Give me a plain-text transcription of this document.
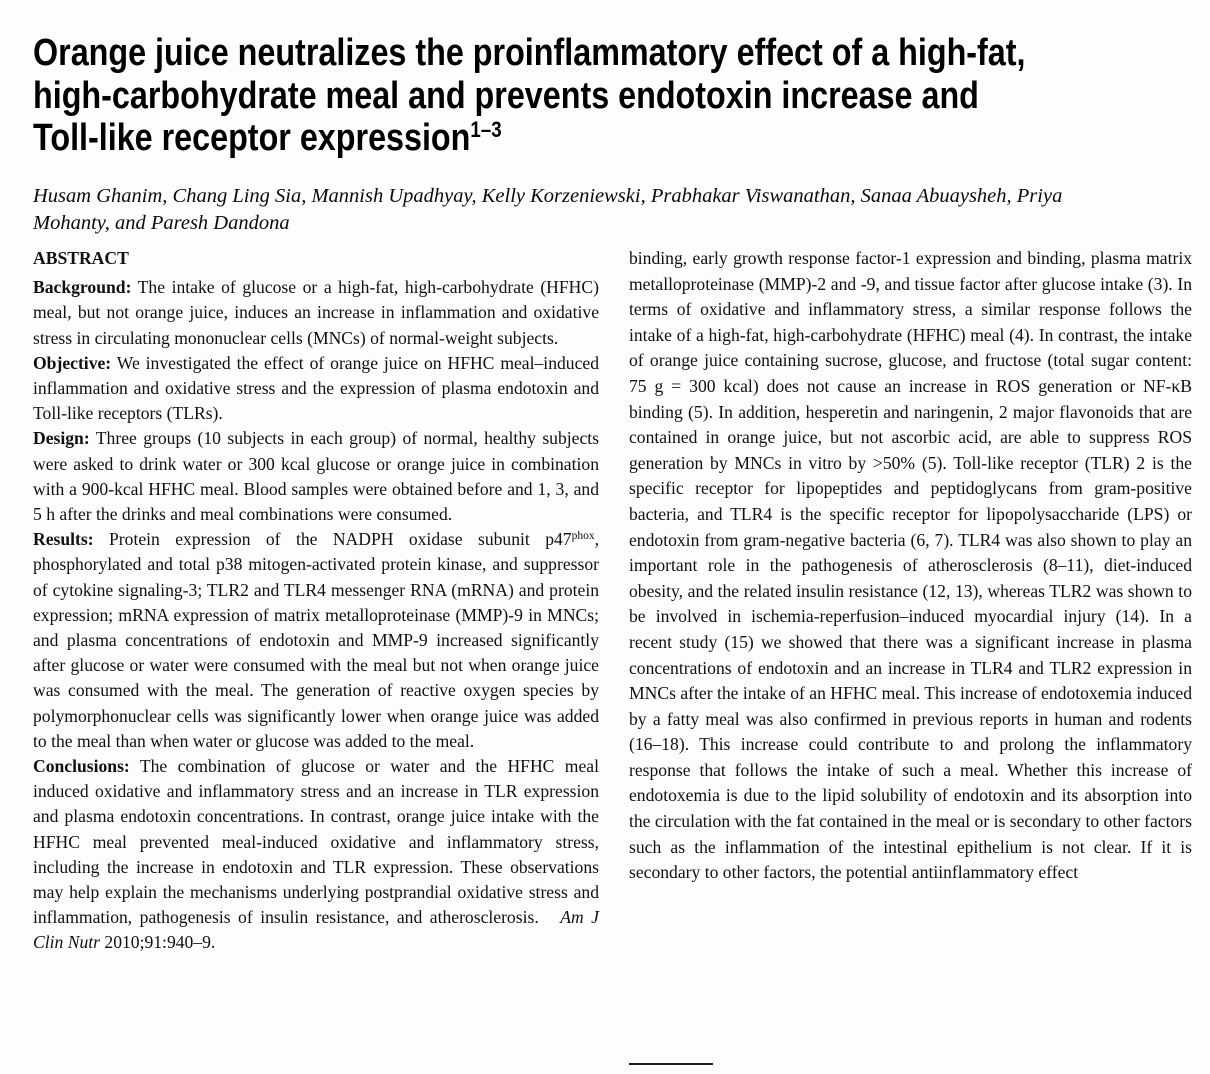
Orange juice neutralizes the proinflammatory effect of a high-fat,
high-carbohydrate meal and prevents endotoxin increase and
Toll-like receptor expression$^{1-3}$

Husam Ghanim, Chang Ling Sia, Mannish Upadhyay, Kelly Korzeniewski, Prabhakar Viswanathan, Sanaa Abuaysheh, Priya Mohanty, and Paresh Dandona

ABSTRACT
Background: The intake of glucose or a high-fat, high-carbohydrate (HFHC) meal, but not orange juice, induces an increase in inflammation and oxidative stress in circulating mononuclear cells (MNCs) of normal-weight subjects.
Objective: We investigated the effect of orange juice on HFHC meal–induced inflammation and oxidative stress and the expression of plasma endotoxin and Toll-like receptors (TLRs).
Design: Three groups (10 subjects in each group) of normal, healthy subjects were asked to drink water or 300 kcal glucose or orange juice in combination with a 900-kcal HFHC meal. Blood samples were obtained before and 1, 3, and 5 h after the drinks and meal combinations were consumed.
Results: Protein expression of the NADPH oxidase subunit $p47^{phox}$, phosphorylated and total p38 mitogen-activated protein kinase, and suppressor of cytokine signaling-3; TLR2 and TLR4 messenger RNA (mRNA) and protein expression; mRNA expression of matrix metalloproteinase (MMP)-9 in MNCs; and plasma concentrations of endotoxin and MMP-9 increased significantly after glucose or water were consumed with the meal but not when orange juice was consumed with the meal. The generation of reactive oxygen species by polymorphonuclear cells was significantly lower when orange juice was added to the meal than when water or glucose was added to the meal.
Conclusions: The combination of glucose or water and the HFHC meal induced oxidative and inflammatory stress and an increase in TLR expression and plasma endotoxin concentrations. In contrast, orange juice intake with the HFHC meal prevented meal-induced oxidative and inflammatory stress, including the increase in endotoxin and TLR expression. These observations may help explain the mechanisms underlying postprandial oxidative stress and inflammation, pathogenesis of insulin resistance, and atherosclerosis. Am J Clin Nutr 2010;91:940–9.

binding, early growth response factor-1 expression and binding, plasma matrix metalloproteinase (MMP)-2 and -9, and tissue factor after glucose intake (3). In terms of oxidative and inflammatory stress, a similar response follows the intake of a high-fat, high-carbohydrate (HFHC) meal (4). In contrast, the intake of orange juice containing sucrose, glucose, and fructose (total sugar content: 75 g = 300 kcal) does not cause an increase in ROS generation or NF-κB binding (5). In addition, hesperetin and naringenin, 2 major flavonoids that are contained in orange juice, but not ascorbic acid, are able to suppress ROS generation by MNCs in vitro by >50% (5). Toll-like receptor (TLR) 2 is the specific receptor for lipopeptides and peptidoglycans from gram-positive bacteria, and TLR4 is the specific receptor for lipopolysaccharide (LPS) or endotoxin from gram-negative bacteria (6, 7). TLR4 was also shown to play an important role in the pathogenesis of atherosclerosis (8–11), diet-induced obesity, and the related insulin resistance (12, 13), whereas TLR2 was shown to be involved in ischemia-reperfusion–induced myocardial injury (14). In a recent study (15) we showed that there was a significant increase in plasma concentrations of endotoxin and an increase in TLR4 and TLR2 expression in MNCs after the intake of an HFHC meal. This increase of endotoxemia induced by a fatty meal was also confirmed in previous reports in human and rodents (16–18). This increase could contribute to and prolong the inflammatory response that follows the intake of such a meal. Whether this increase of endotoxemia is due to the lipid solubility of endotoxin and its absorption into the circulation with the fat contained in the meal or is secondary to other factors such as the inflammation of the intestinal epithelium is not clear. If it is secondary to other factors, the potential antiinflammatory effect
